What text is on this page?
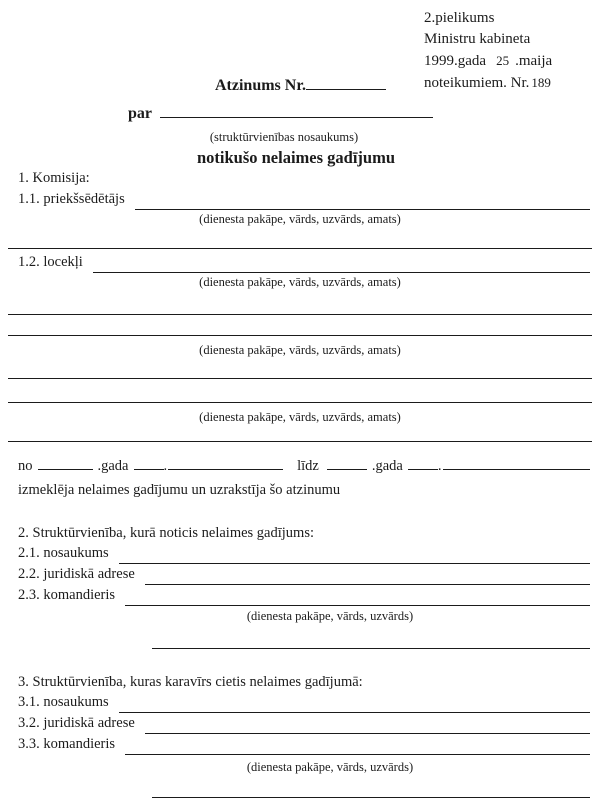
2.pielikums
Ministru kabineta
1999.gada 25 .maija
noteikumiem. Nr. 189
Atzinums Nr.
par
(struktūrvienības nosaukums)
notikušo nelaimes gadījumu
1. Komisija:
1.1. priekšsēdētājs
(dienesta pakāpe, vārds, uzvārds, amats)
1.2. locekļi
(dienesta pakāpe, vārds, uzvārds, amats)
(dienesta pakāpe, vārds, uzvārds, amats)
(dienesta pakāpe, vārds, uzvārds, amats)
no	.gada .	līdz	.gada .
izmeklēja nelaimes gadījumu un uzrakstīja šo atzinumu
2. Struktūrvienība, kurā noticis nelaimes gadījums:
2.1. nosaukums
2.2. juridiskā adrese
2.3. komandieris
(dienesta pakāpe, vārds, uzvārds)
3. Struktūrvienība, kuras karavīrs cietis nelaimes gadījumā:
3.1. nosaukums
3.2. juridiskā adrese
3.3. komandieris
(dienesta pakāpe, vārds, uzvārds)
